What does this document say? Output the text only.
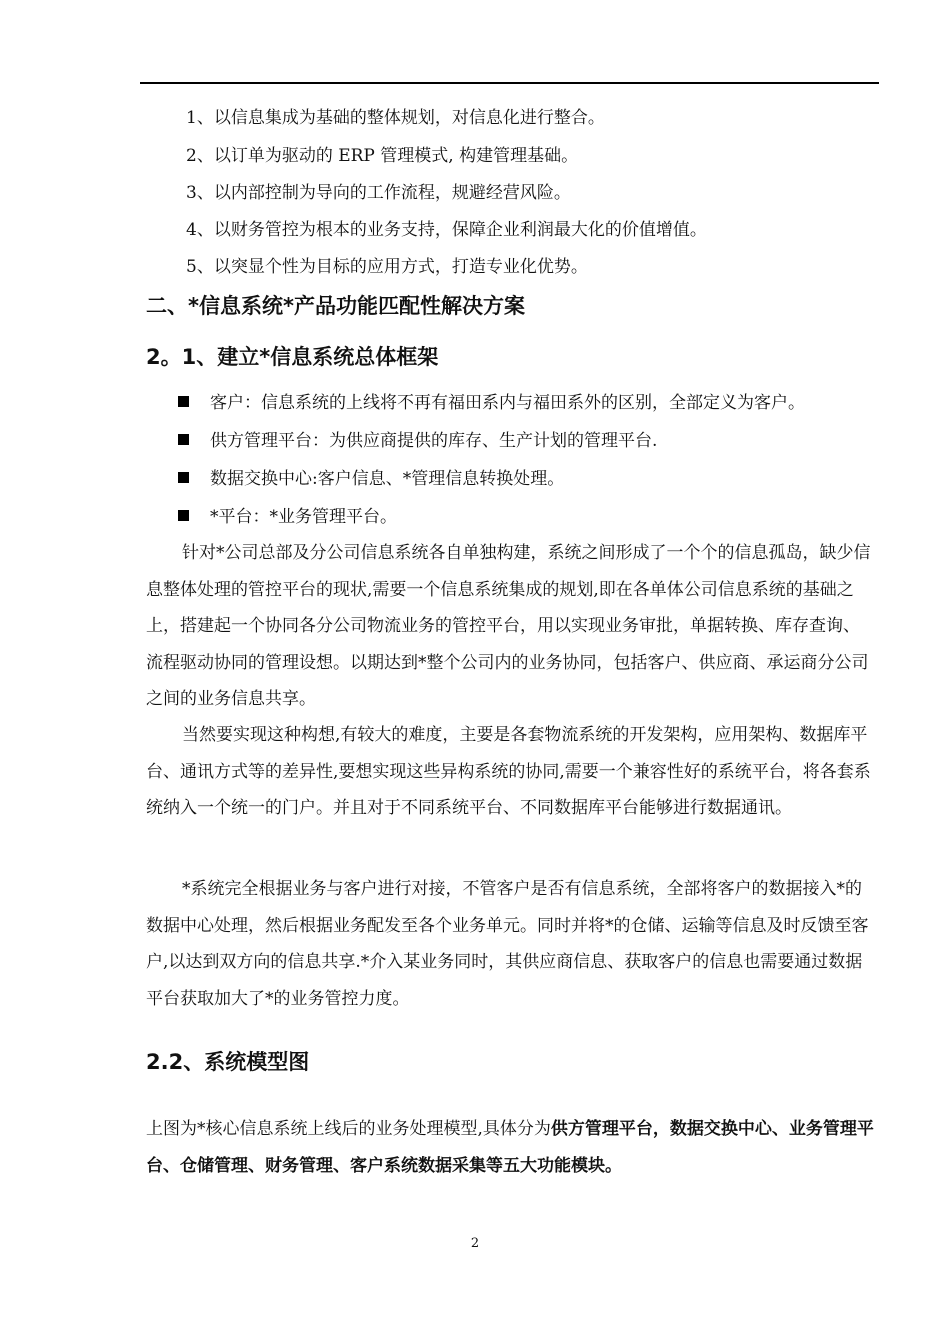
1、以信息集成为基础的整体规划，对信息化进行整合。
2、以订单为驱动的 ERP 管理模式, 构建管理基础。
3、以内部控制为导向的工作流程，规避经营风险。
4、以财务管控为根本的业务支持，保障企业利润最大化的价值增值。
5、以突显个性为目标的应用方式，打造专业化优势。
二、*信息系统*产品功能匹配性解决方案
2。1、建立*信息系统总体框架
客户：信息系统的上线将不再有福田系内与福田系外的区别，全部定义为客户。
供方管理平台：为供应商提供的库存、生产计划的管理平台.
数据交换中心:客户信息、*管理信息转换处理。
*平台：*业务管理平台。
针对*公司总部及分公司信息系统各自单独构建，系统之间形成了一个个的信息孤岛，缺少信息整体处理的管控平台的现状,需要一个信息系统集成的规划,即在各单体公司信息系统的基础之上，搭建起一个协同各分公司物流业务的管控平台，用以实现业务审批，单据转换、库存查询、流程驱动协同的管理设想。以期达到*整个公司内的业务协同，包括客户、供应商、承运商分公司之间的业务信息共享。
当然要实现这种构想,有较大的难度，主要是各套物流系统的开发架构，应用架构、数据库平台、通讯方式等的差异性,要想实现这些异构系统的协同,需要一个兼容性好的系统平台，将各套系统纳入一个统一的门户。并且对于不同系统平台、不同数据库平台能够进行数据通讯。
*系统完全根据业务与客户进行对接，不管客户是否有信息系统，全部将客户的数据接入*的数据中心处理，然后根据业务配发至各个业务单元。同时并将*的仓储、运输等信息及时反馈至客户,以达到双方向的信息共享.*介入某业务同时，其供应商信息、获取客户的信息也需要通过数据平台获取加大了*的业务管控力度。
2.2、系统模型图
上图为*核心信息系统上线后的业务处理模型,具体分为供方管理平台，数据交换中心、业务管理平台、仓储管理、财务管理、客户系统数据采集等五大功能模块。
2
